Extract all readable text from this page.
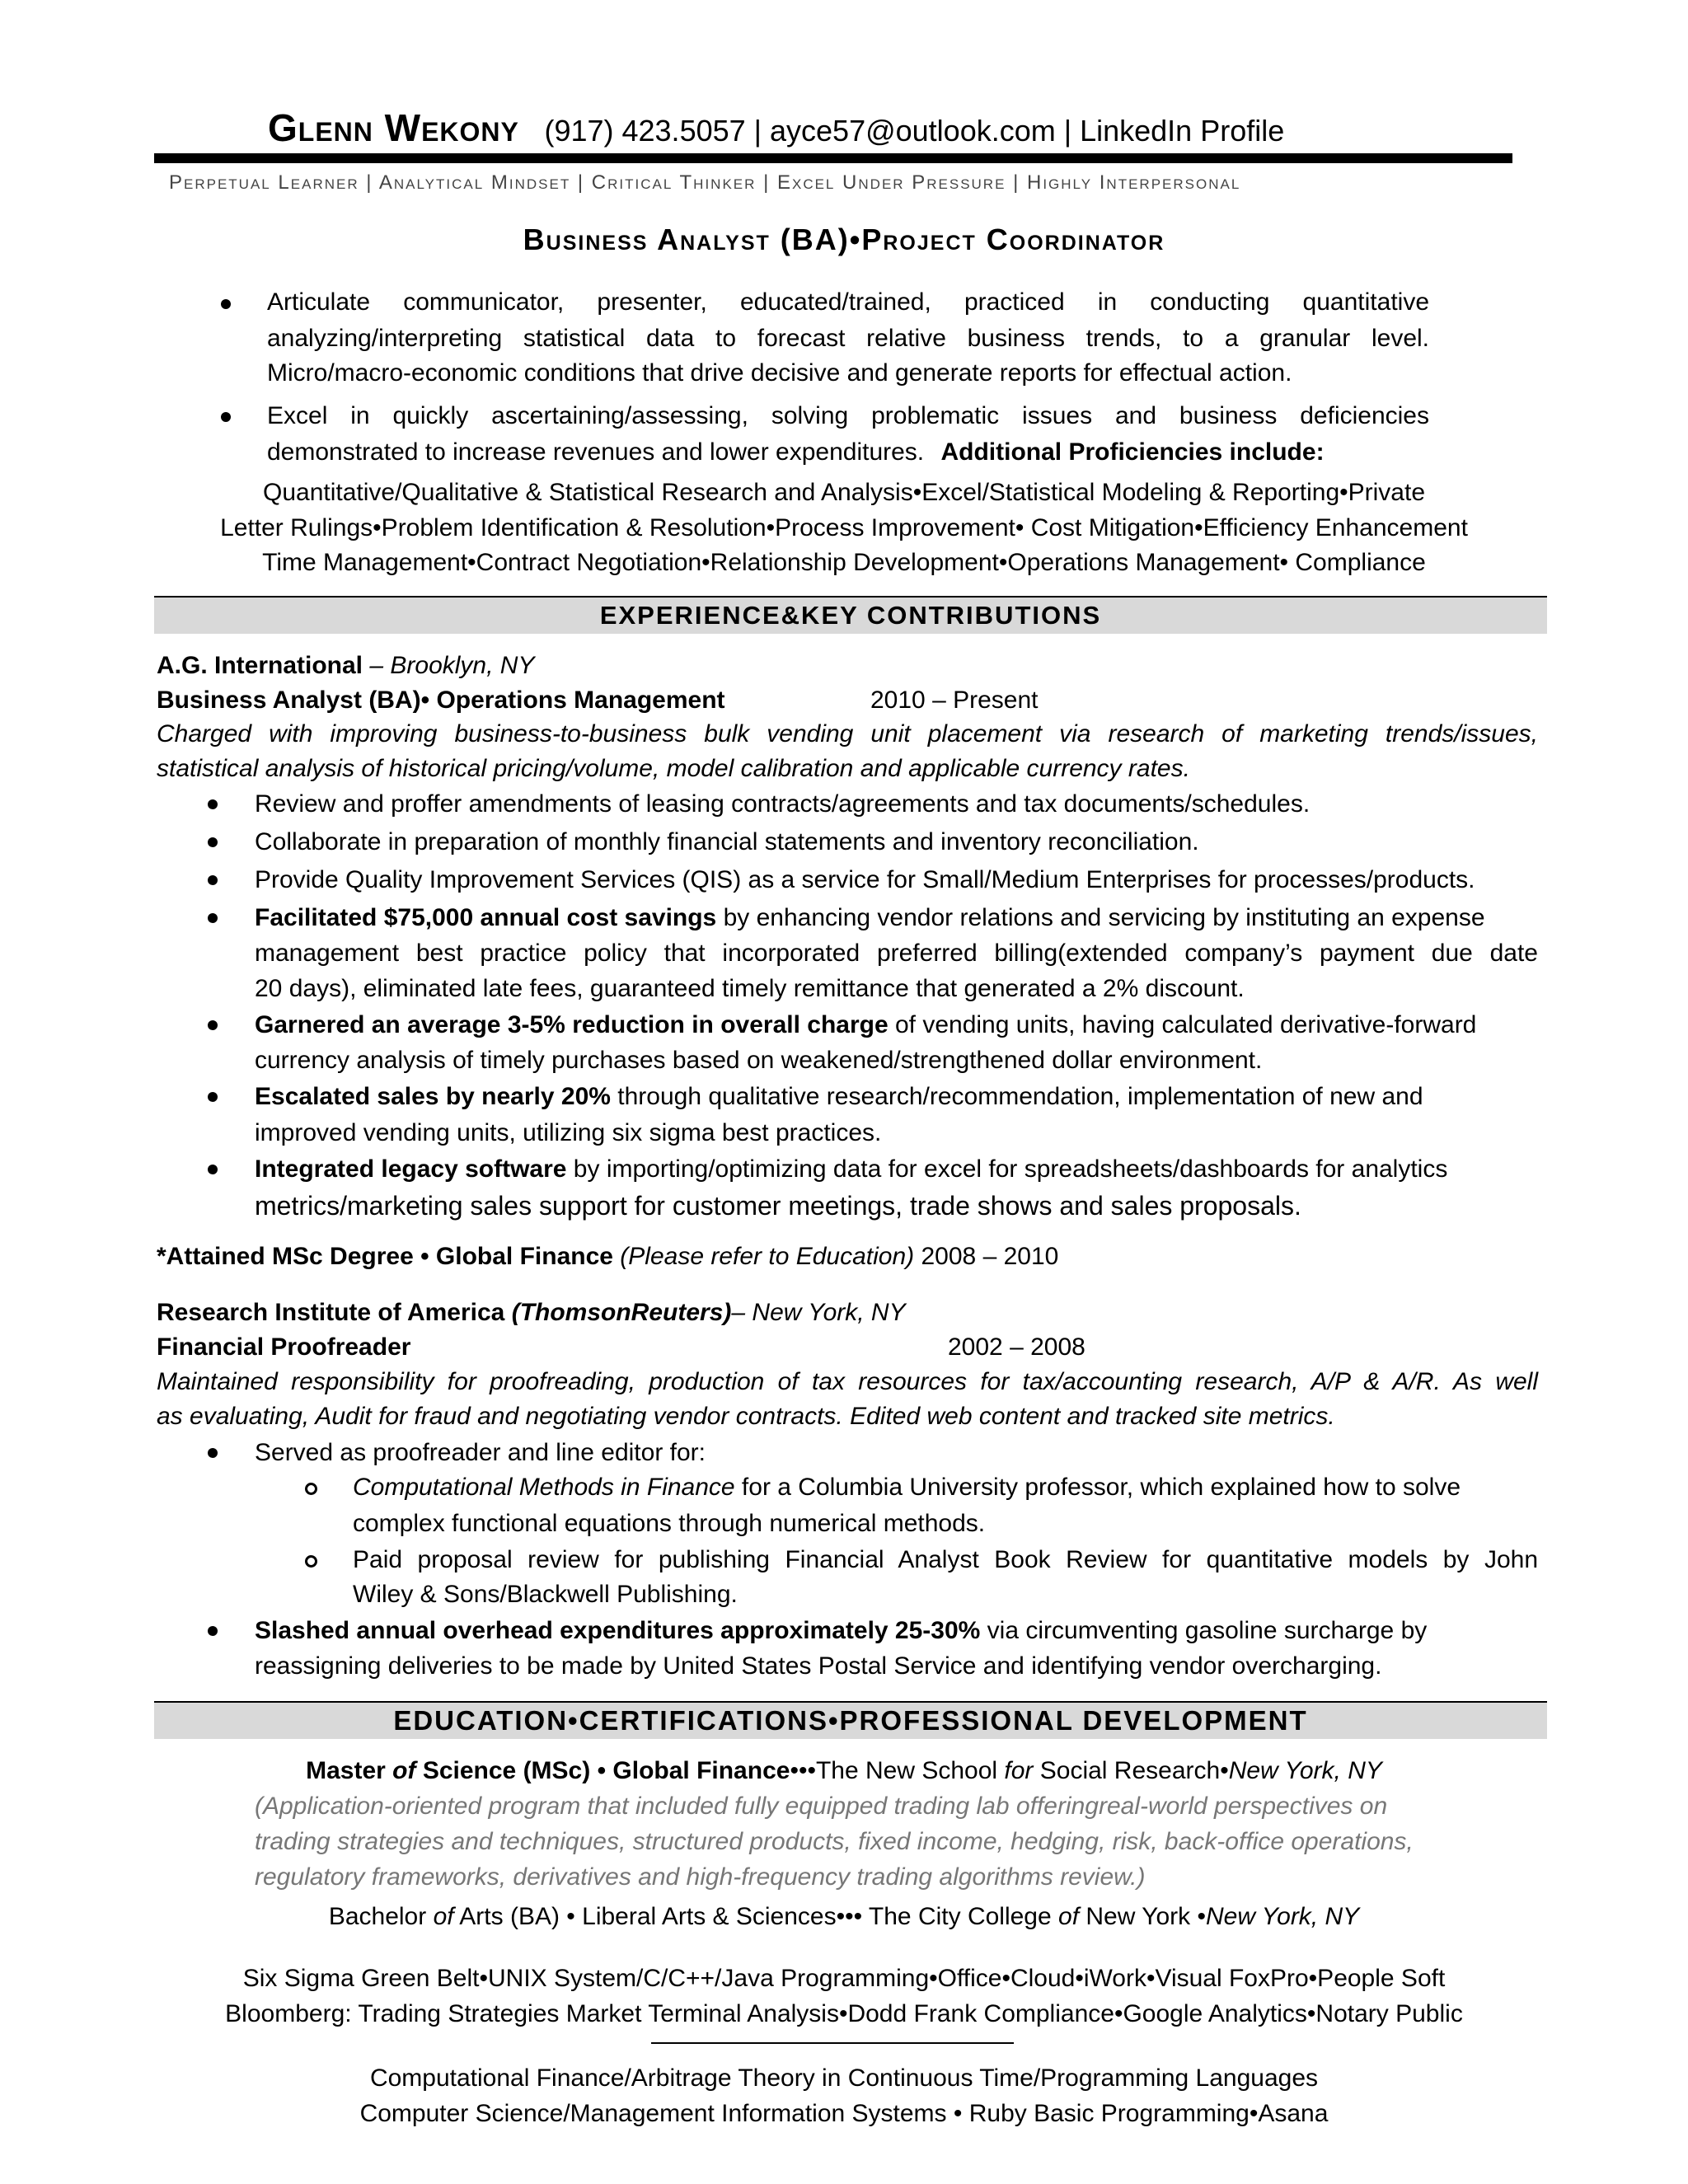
Glenn Wekony (917) 423.5057 | ayce57@outlook.com | LinkedIn Profile
Perpetual Learner | Analytical Mindset | Critical Thinker | Excel Under Pressure | Highly Interpersonal
Business Analyst (BA)•Project Coordinator
Articulate communicator, presenter, educated/trained, practiced in conducting quantitative
analyzing/interpreting statistical data to forecast relative business trends, to a granular level.
Micro/macro-economic conditions that drive decisive and generate reports for effectual action.
Excel in quickly ascertaining/assessing, solving problematic issues and business deficiencies
demonstrated to increase revenues and lower expenditures. Additional Proficiencies include:
Quantitative/Qualitative & Statistical Research and Analysis•Excel/Statistical Modeling & Reporting•Private
Letter Rulings•Problem Identification & Resolution•Process Improvement• Cost Mitigation•Efficiency Enhancement
Time Management•Contract Negotiation•Relationship Development•Operations Management• Compliance
EXPERIENCE&KEY CONTRIBUTIONS
A.G. International – Brooklyn, NY
Business Analyst (BA)• Operations Management	2010 – Present
Charged with improving business-to-business bulk vending unit placement via research of marketing trends/issues,
statistical analysis of historical pricing/volume, model calibration and applicable currency rates.
Review and proffer amendments of leasing contracts/agreements and tax documents/schedules.
Collaborate in preparation of monthly financial statements and inventory reconciliation.
Provide Quality Improvement Services (QIS) as a service for Small/Medium Enterprises for processes/products.
Facilitated $75,000 annual cost savings by enhancing vendor relations and servicing by instituting an expense
management best practice policy that incorporated preferred billing(extended company’s payment due date
20 days), eliminated late fees, guaranteed timely remittance that generated a 2% discount.
Garnered an average 3-5% reduction in overall charge of vending units, having calculated derivative-forward
currency analysis of timely purchases based on weakened/strengthened dollar environment.
Escalated sales by nearly 20% through qualitative research/recommendation, implementation of new and
improved vending units, utilizing six sigma best practices.
Integrated legacy software by importing/optimizing data for excel for spreadsheets/dashboards for analytics
metrics/marketing sales support for customer meetings, trade shows and sales proposals.
*Attained MSc Degree • Global Finance (Please refer to Education) 2008 – 2010
Research Institute of America (ThomsonReuters)– New York, NY
Financial Proofreader	2002 – 2008
Maintained responsibility for proofreading, production of tax resources for tax/accounting research, A/P & A/R. As well
as evaluating, Audit for fraud and negotiating vendor contracts. Edited web content and tracked site metrics.
Served as proofreader and line editor for:
Computational Methods in Finance for a Columbia University professor, which explained how to solve
complex functional equations through numerical methods.
Paid proposal review for publishing Financial Analyst Book Review for quantitative models by John
Wiley & Sons/Blackwell Publishing.
Slashed annual overhead expenditures approximately 25-30% via circumventing gasoline surcharge by
reassigning deliveries to be made by United States Postal Service and identifying vendor overcharging.
EDUCATION•CERTIFICATIONS•PROFESSIONAL DEVELOPMENT
Master of Science (MSc) • Global Finance•••The New School for Social Research•New York, NY
(Application-oriented program that included fully equipped trading lab offeringreal-world perspectives on
trading strategies and techniques, structured products, fixed income, hedging, risk, back-office operations,
regulatory frameworks, derivatives and high-frequency trading algorithms review.)
Bachelor of Arts (BA) • Liberal Arts & Sciences••• The City College of New York •New York, NY
Six Sigma Green Belt•UNIX System/C/C++/Java Programming•Office•Cloud•iWork•Visual FoxPro•People Soft
Bloomberg: Trading Strategies Market Terminal Analysis•Dodd Frank Compliance•Google Analytics•Notary Public
Computational Finance/Arbitrage Theory in Continuous Time/Programming Languages
Computer Science/Management Information Systems • Ruby Basic Programming•Asana
